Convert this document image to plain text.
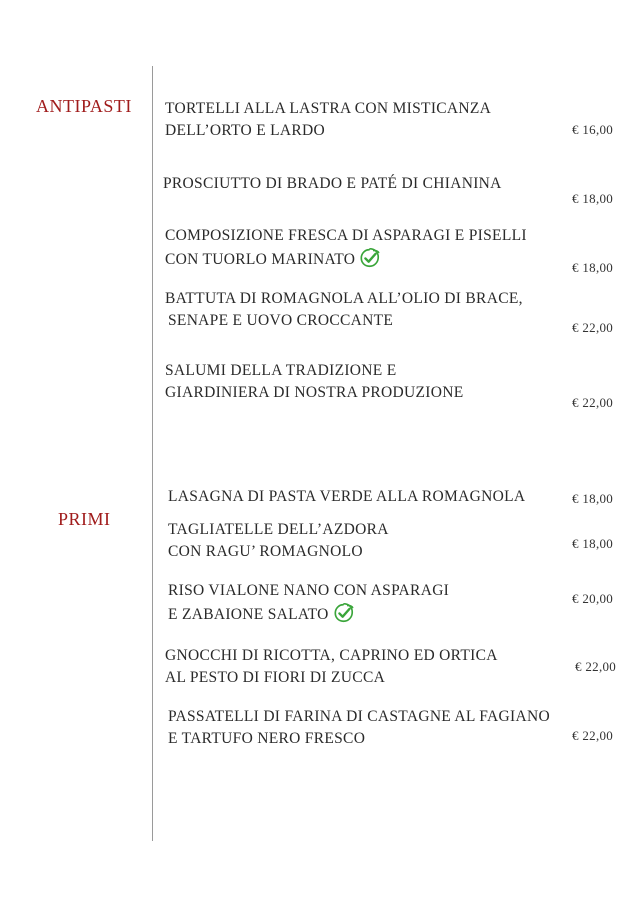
ANTIPASTI
PRIMI
TORTELLI ALLA LASTRA CON MISTICANZA
DELL’ORTO E LARDO	€ 16,00
PROSCIUTTO DI BRADO E PATÉ DI CHIANINA
€ 18,00
COMPOSIZIONE FRESCA DI ASPARAGI E PISELLI
CON TUORLO MARINATO	€ 18,00
BATTUTA DI ROMAGNOLA ALL’OLIO DI BRACE,
SENAPE E UOVO CROCCANTE	€ 22,00
SALUMI DELLA TRADIZIONE E
GIARDINIERA DI NOSTRA PRODUZIONE
€ 22,00
LASAGNA DI PASTA VERDE ALLA ROMAGNOLA	€ 18,00
TAGLIATELLE DELL’AZDORA
CON RAGU’ ROMAGNOLO	€ 18,00
RISO VIALONE NANO CON ASPARAGI
E ZABAIONE SALATO
€ 20,00
GNOCCHI DI RICOTTA, CAPRINO ED ORTICA
AL PESTO DI FIORI DI ZUCCA
€ 22,00
PASSATELLI DI FARINA DI CASTAGNE AL FAGIANO
E TARTUFO NERO FRESCO	€ 22,00
